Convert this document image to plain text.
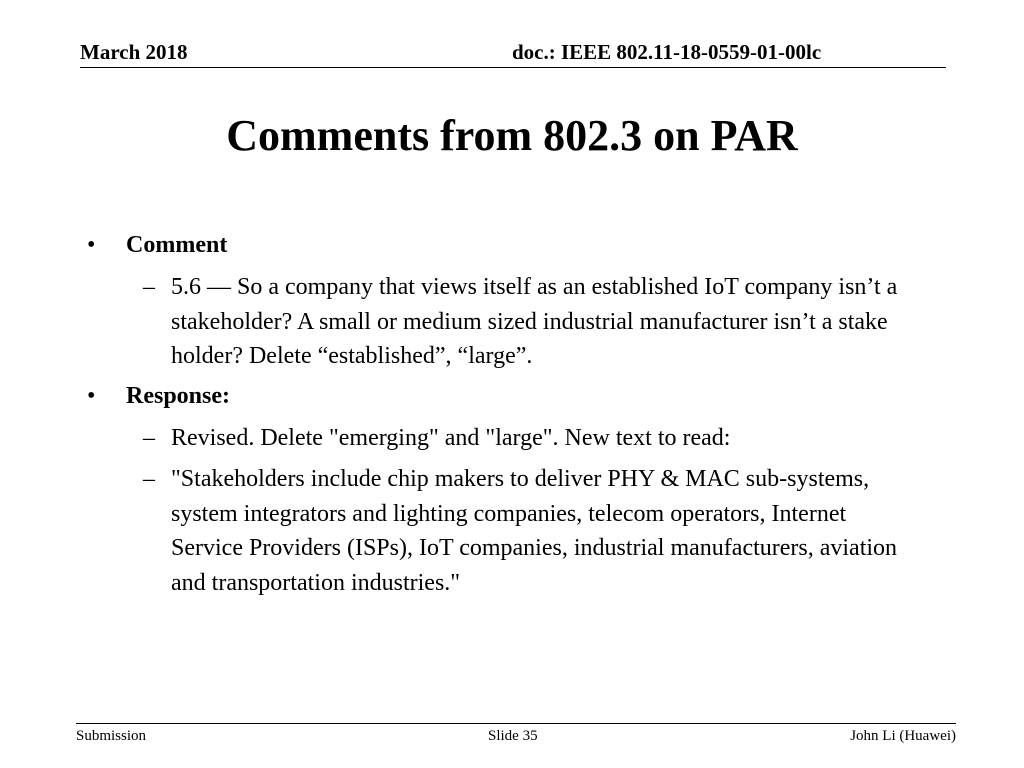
March 2018	doc.: IEEE 802.11-18-0559-01-00lc
Comments from 802.3 on PAR
• Comment
– 5.6 — So a company that views itself as an established IoT company isn’t a stakeholder? A small or medium sized industrial manufacturer isn’t a stake holder? Delete “established”, “large”.
• Response:
– Revised. Delete "emerging" and "large". New text to read:
– "Stakeholders include chip makers to deliver PHY & MAC sub-systems, system integrators and lighting companies, telecom operators, Internet Service Providers (ISPs), IoT companies, industrial manufacturers, aviation and transportation industries."
Submission	Slide 35	John Li (Huawei)
